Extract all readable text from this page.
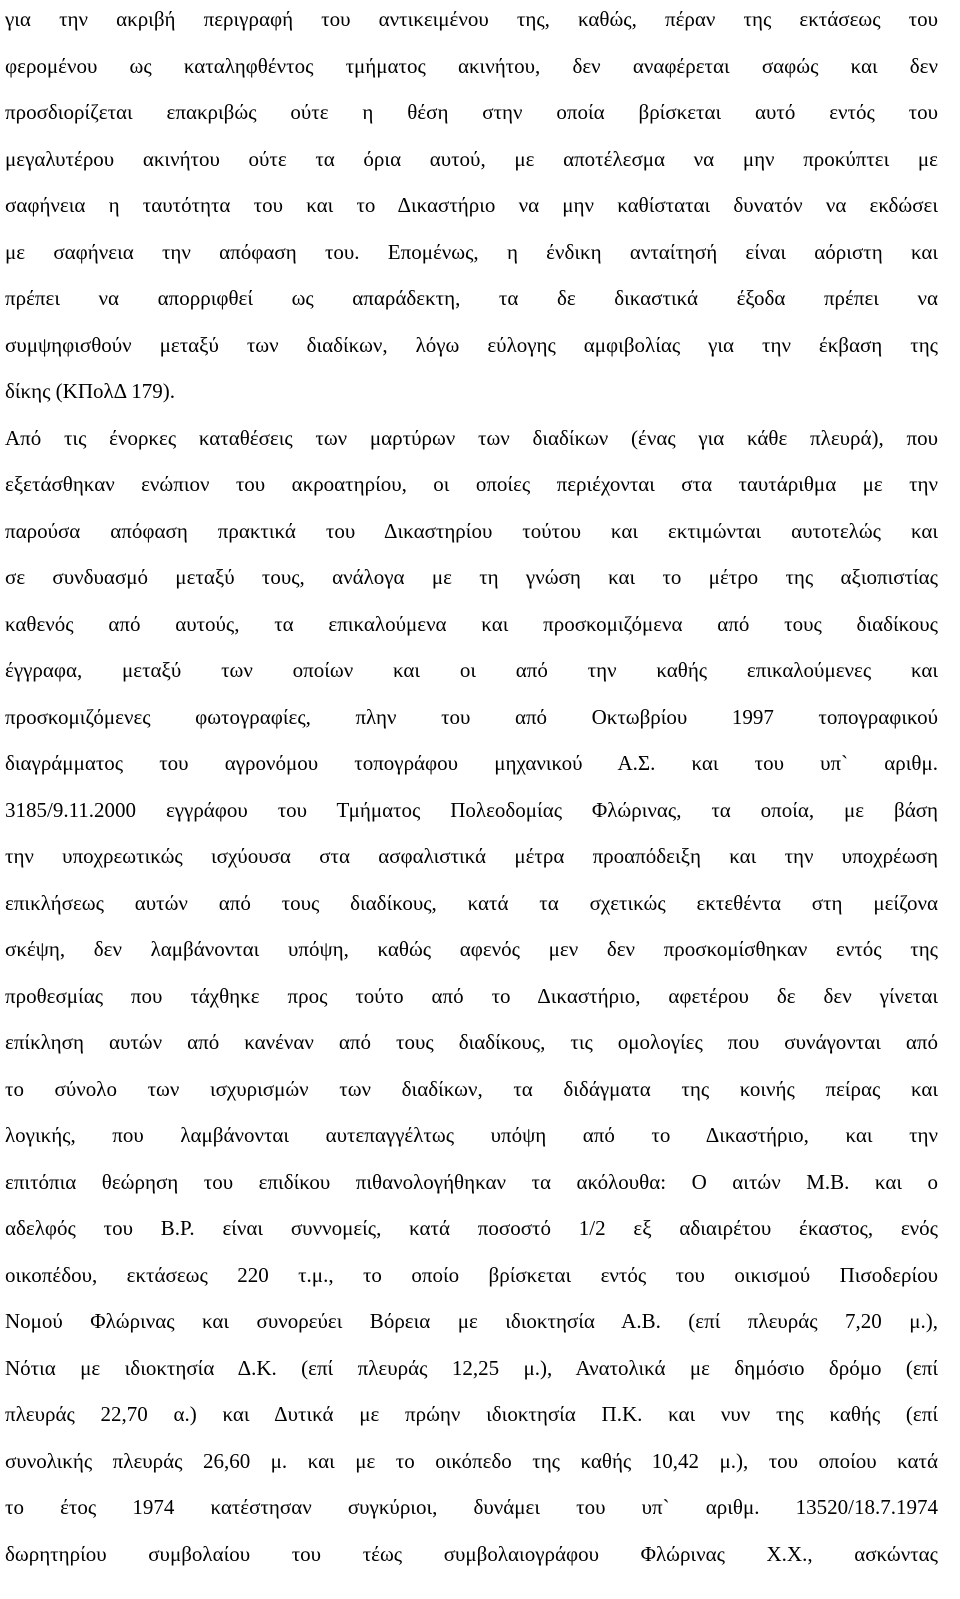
για την ακριβή περιγραφή του αντικειμένου της, καθώς, πέραν της εκτάσεως του
φερομένου ως καταληφθέντος τμήματος ακινήτου, δεν αναφέρεται σαφώς και δεν
προσδιορίζεται επακριβώς ούτε η θέση στην οποία βρίσκεται αυτό εντός του
μεγαλυτέρου ακινήτου ούτε τα όρια αυτού, με αποτέλεσμα να μην προκύπτει με
σαφήνεια η ταυτότητα του και το Δικαστήριο να μην καθίσταται δυνατόν να εκδώσει
με σαφήνεια την απόφαση του. Επομένως, η ένδικη ανταίτησή είναι αόριστη και
πρέπει να απορριφθεί ως απαράδεκτη, τα δε δικαστικά έξοδα πρέπει να
συμψηφισθούν μεταξύ των διαδίκων, λόγω εύλογης αμφιβολίας για την έκβαση της
δίκης (ΚΠολΔ 179).
Από τις ένορκες καταθέσεις των μαρτύρων των διαδίκων (ένας για κάθε πλευρά), που
εξετάσθηκαν ενώπιον του ακροατηρίου, οι οποίες περιέχονται στα ταυτάριθμα με την
παρούσα απόφαση πρακτικά του Δικαστηρίου τούτου και εκτιμώνται αυτοτελώς και
σε συνδυασμό μεταξύ τους, ανάλογα με τη γνώση και το μέτρο της αξιοπιστίας
καθενός από αυτούς, τα επικαλούμενα και προσκομιζόμενα από τους διαδίκους
έγγραφα, μεταξύ των οποίων και οι από την καθής επικαλούμενες και
προσκομιζόμενες φωτογραφίες, πλην του από Οκτωβρίου 1997 τοπογραφικού
διαγράμματος του αγρονόμου τοπογράφου μηχανικού Α.Σ. και του υπ` αριθμ.
3185/9.11.2000 εγγράφου του Τμήματος Πολεοδομίας Φλώρινας, τα οποία, με βάση
την υποχρεωτικώς ισχύουσα στα ασφαλιστικά μέτρα προαπόδειξη και την υποχρέωση
επικλήσεως αυτών από τους διαδίκους, κατά τα σχετικώς εκτεθέντα στη μείζονα
σκέψη, δεν λαμβάνονται υπόψη, καθώς αφενός μεν δεν προσκομίσθηκαν εντός της
προθεσμίας που τάχθηκε προς τούτο από το Δικαστήριο, αφετέρου δε δεν γίνεται
επίκληση αυτών από κανέναν από τους διαδίκους, τις ομολογίες που συνάγονται από
το σύνολο των ισχυρισμών των διαδίκων, τα διδάγματα της κοινής πείρας και
λογικής, που λαμβάνονται αυτεπαγγέλτως υπόψη από το Δικαστήριο, και την
επιτόπια θεώρηση του επιδίκου πιθανολογήθηκαν τα ακόλουθα: Ο αιτών Μ.Β. και ο
αδελφός του Β.Ρ. είναι συννομείς, κατά ποσοστό 1/2 εξ αδιαιρέτου έκαστος, ενός
οικοπέδου, εκτάσεως 220 τ.μ., το οποίο βρίσκεται εντός του οικισμού Πισοδερίου
Νομού Φλώρινας και συνορεύει Βόρεια με ιδιοκτησία Α.Β. (επί πλευράς 7,20 μ.),
Νότια με ιδιοκτησία Δ.Κ. (επί πλευράς 12,25 μ.), Ανατολικά με δημόσιο δρόμο (επί
πλευράς 22,70 α.) και Δυτικά με πρώην ιδιοκτησία Π.Κ. και νυν της καθής (επί
συνολικής πλευράς 26,60 μ. και με το οικόπεδο της καθής 10,42 μ.), του οποίου κατά
το έτος 1974 κατέστησαν συγκύριοι, δυνάμει του υπ` αριθμ. 13520/18.7.1974
δωρητηρίου συμβολαίου του τέως συμβολαιογράφου Φλώρινας Χ.Χ., ασκώντας
